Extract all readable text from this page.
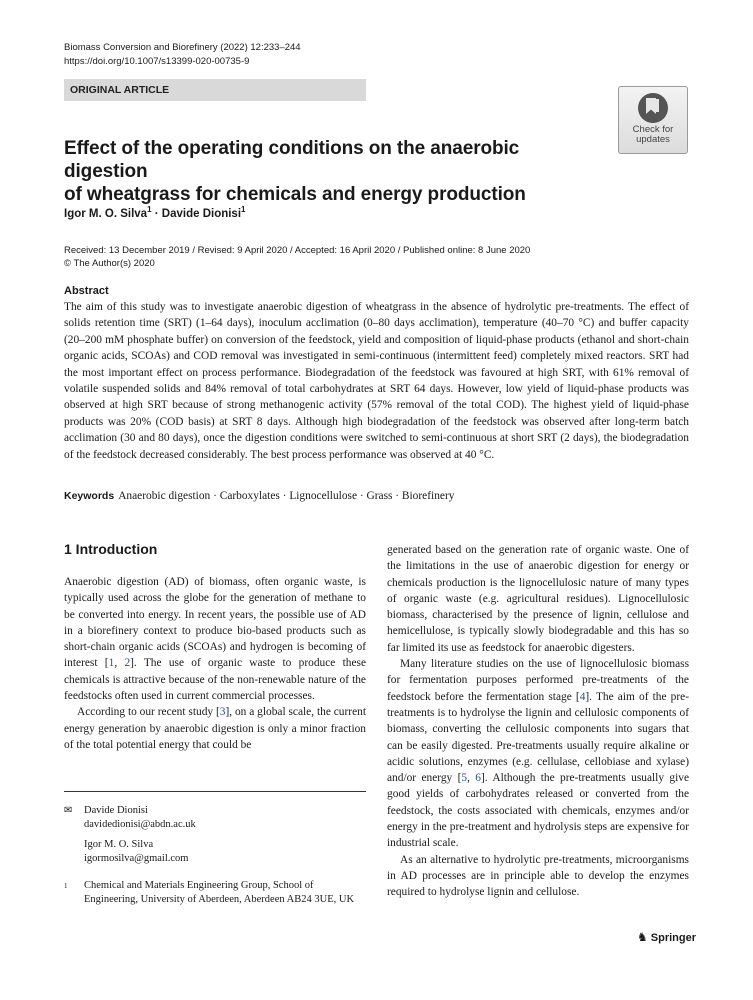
Biomass Conversion and Biorefinery (2022) 12:233–244
https://doi.org/10.1007/s13399-020-00735-9
ORIGINAL ARTICLE
Check for
updates
Effect of the operating conditions on the anaerobic digestion
of wheatgrass for chemicals and energy production
Igor M. O. Silva$^1$ · Davide Dionisi$^1$
Received: 13 December 2019 / Revised: 9 April 2020 / Accepted: 16 April 2020 / Published online: 8 June 2020
© The Author(s) 2020
Abstract
The aim of this study was to investigate anaerobic digestion of wheatgrass in the absence of hydrolytic pre-treatments. The effect of solids retention time (SRT) (1–64 days), inoculum acclimation (0–80 days acclimation), temperature (40–70 °C) and buffer capacity (20–200 mM phosphate buffer) on conversion of the feedstock, yield and composition of liquid-phase products (ethanol and short-chain organic acids, SCOAs) and COD removal was investigated in semi-continuous (intermittent feed) completely mixed reactors. SRT had the most important effect on process performance. Biodegradation of the feedstock was favoured at high SRT, with 61% removal of volatile suspended solids and 84% removal of total carbohydrates at SRT 64 days. However, low yield of liquid-phase products was observed at high SRT because of strong methanogenic activity (57% removal of the total COD). The highest yield of liquid-phase products was 20% (COD basis) at SRT 8 days. Although high biodegradation of the feedstock was observed after long-term batch acclimation (30 and 80 days), once the digestion conditions were switched to semi-continuous at short SRT (2 days), the biodegradation of the feedstock decreased considerably. The best process performance was observed at 40 °C.
Keywords Anaerobic digestion · Carboxylates · Lignocellulose · Grass · Biorefinery
1 Introduction

Anaerobic digestion (AD) of biomass, often organic waste, is typically used across the globe for the generation of methane to be converted into energy. In recent years, the possible use of AD in a biorefinery context to produce bio-based products such as short-chain organic acids (SCOAs) and hydrogen is becoming of interest [1, 2]. The use of organic waste to produce these chemicals is attractive because of the non-renewable nature of the feedstocks often used in current commercial processes.

According to our recent study [3], on a global scale, the current energy generation by anaerobic digestion is only a minor fraction of the total potential energy that could be

generated based on the generation rate of organic waste. One of the limitations in the use of anaerobic digestion for energy or chemicals production is the lignocellulosic nature of many types of organic waste (e.g. agricultural residues). Lignocellulosic biomass, characterised by the presence of lignin, cellulose and hemicellulose, is typically slowly biodegradable and this has so far limited its use as feedstock for anaerobic digesters.

Many literature studies on the use of lignocellulosic biomass for fermentation purposes performed pre-treatments of the feedstock before the fermentation stage [4]. The aim of the pre-treatments is to hydrolyse the lignin and cellulosic components of biomass, converting the cellulosic components into sugars that can be easily digested. Pre-treatments usually require alkaline or acidic solutions, enzymes (e.g. cellulase, cellobiase and xylase) and/or energy [5, 6]. Although the pre-treatments usually give good yields of carbohydrates released or converted from the feedstock, the costs associated with chemicals, enzymes and/or energy in the pre-treatment and hydrolysis steps are expensive for industrial scale.

As an alternative to hydrolytic pre-treatments, microorganisms in AD processes are in principle able to develop the enzymes required to hydrolyse lignin and cellulose.

✉ Davide Dionisi
davidedionisi@abdn.ac.uk
Igor M. O. Silva
igormosilva@gmail.com
1	Chemical and Materials Engineering Group, School of Engineering, University of Aberdeen, Aberdeen AB24 3UE, UK
♞ Springer
